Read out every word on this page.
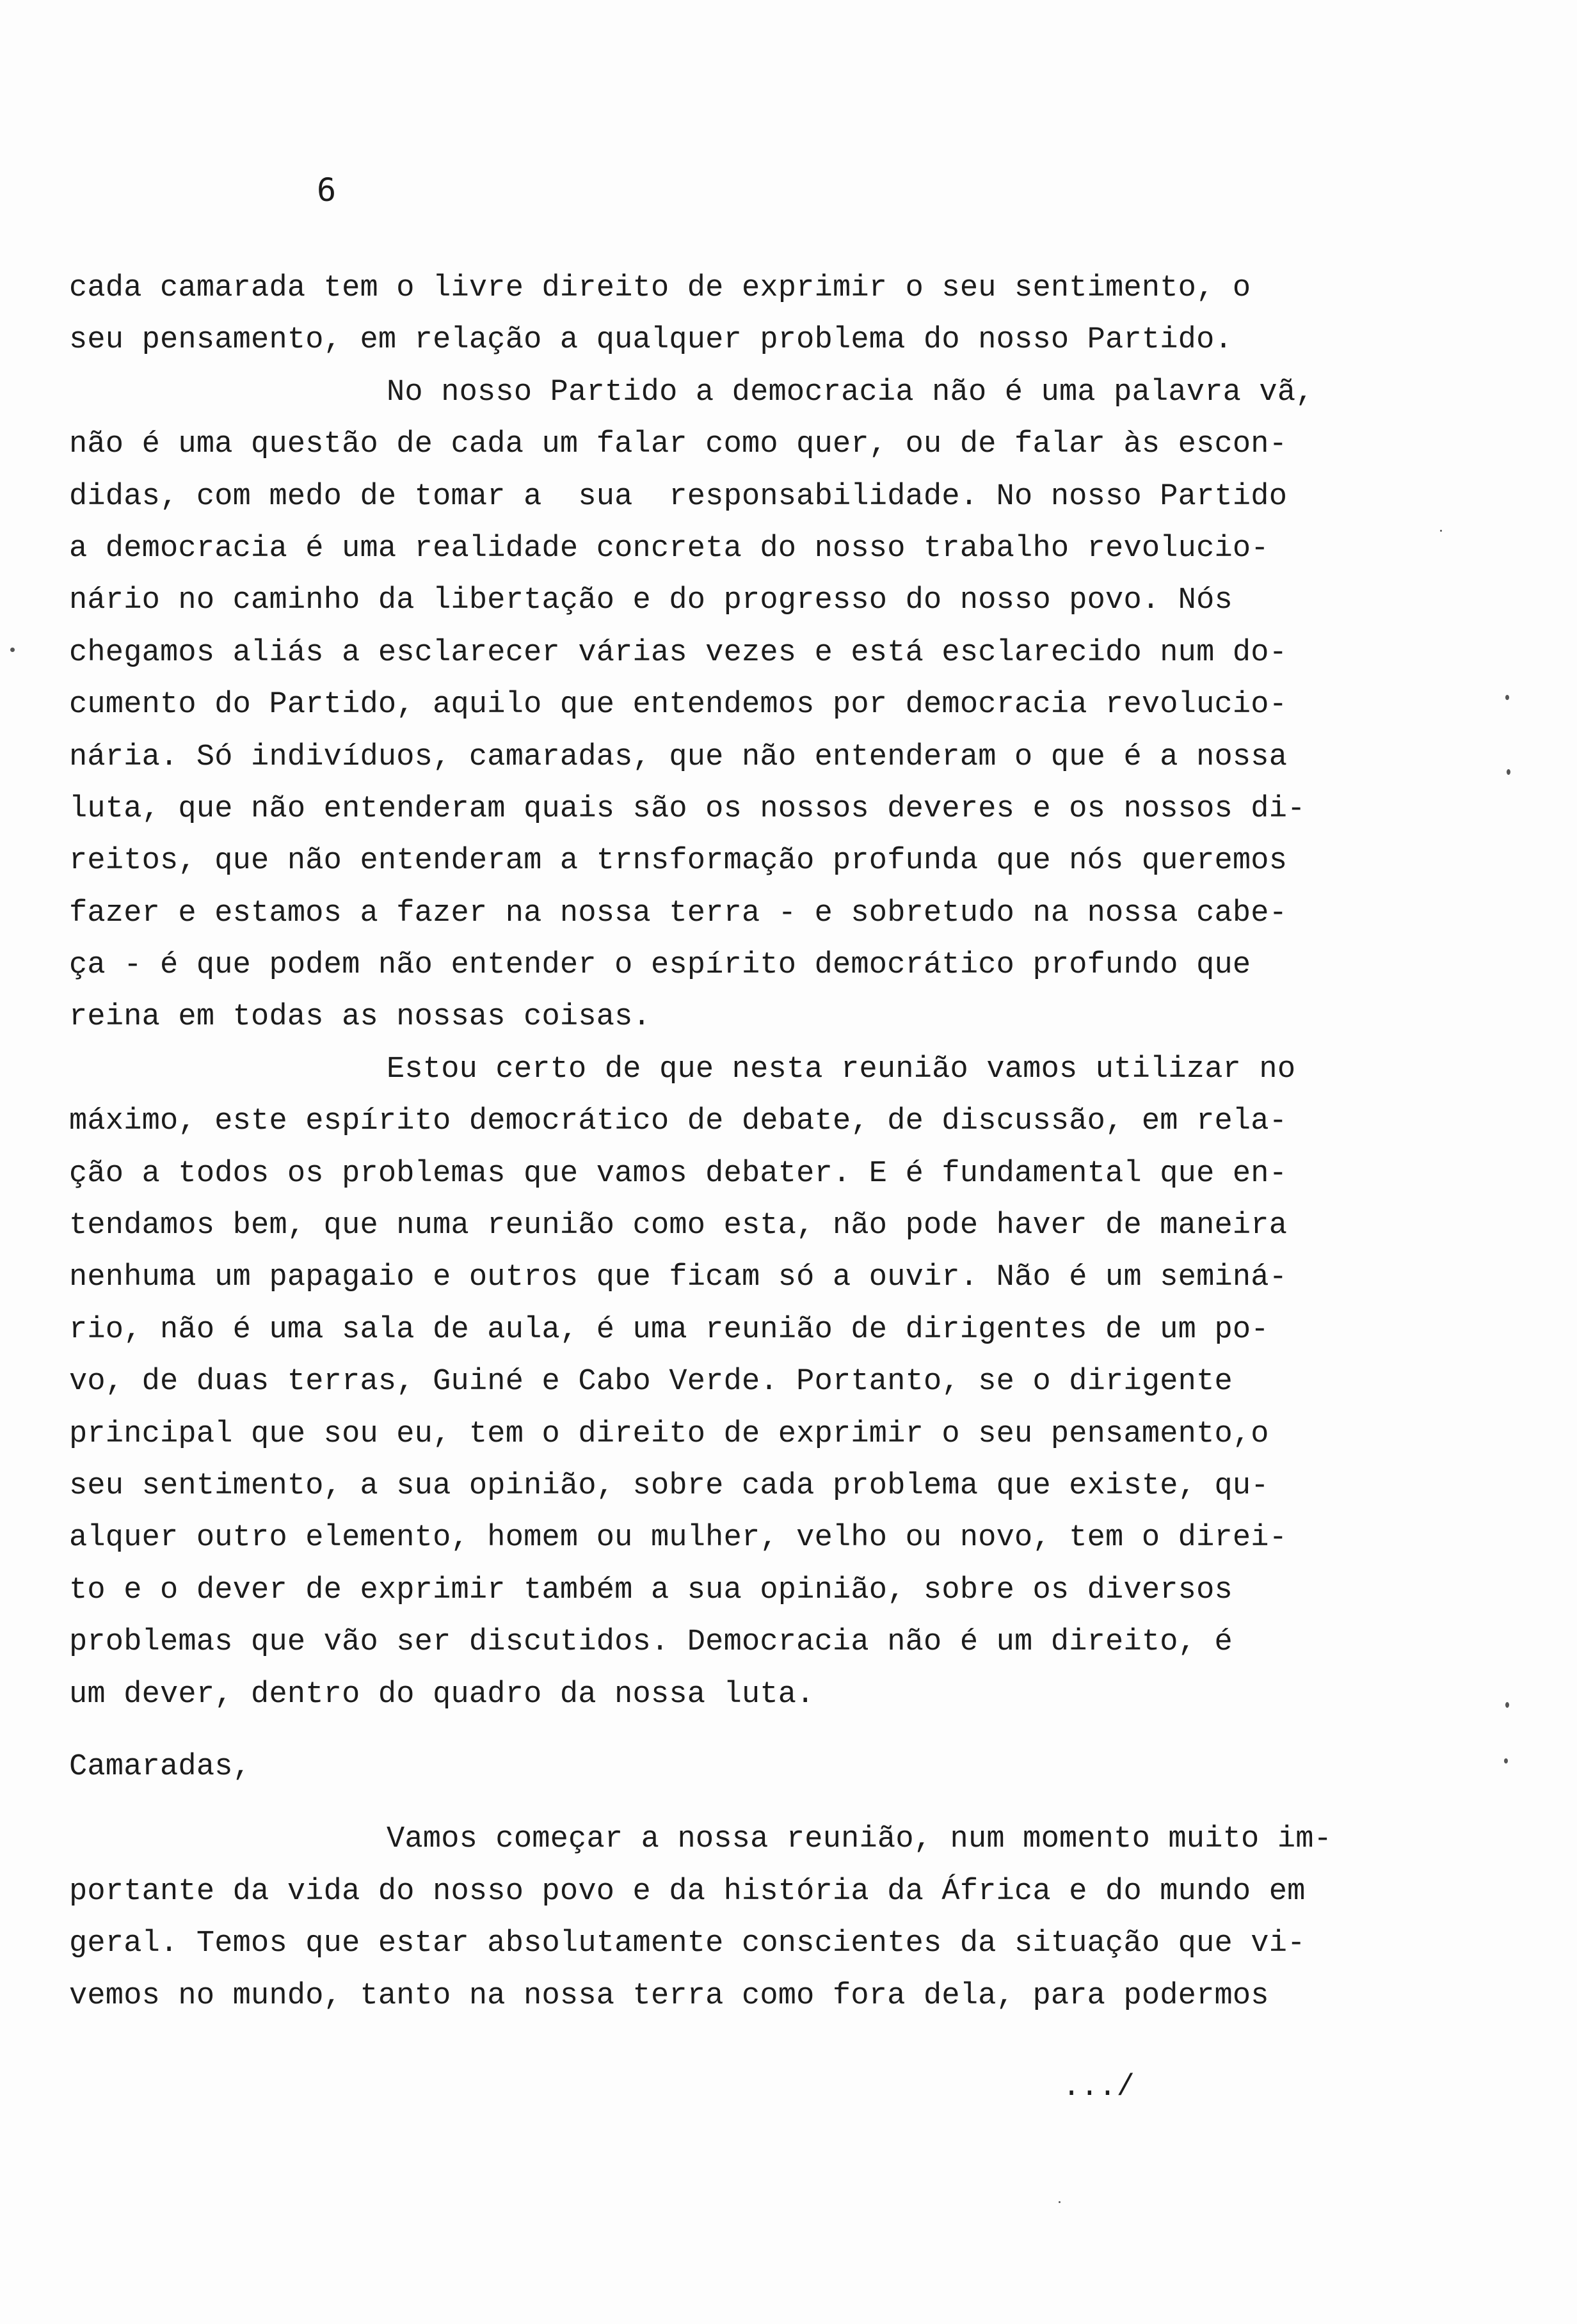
6
cada camarada tem o livre direito de exprimir o seu sentimento, o
seu pensamento, em relação a qualquer problema do nosso Partido.
No nosso Partido a democracia não é uma palavra vã,
não é uma questão de cada um falar como quer, ou de falar às escon-
didas, com medo de tomar a  sua  responsabilidade. No nosso Partido
a democracia é uma realidade concreta do nosso trabalho revolucio-
nário no caminho da libertação e do progresso do nosso povo. Nós
chegamos aliás a esclarecer várias vezes e está esclarecido num do-
cumento do Partido, aquilo que entendemos por democracia revolucio-
nária. Só indivíduos, camaradas, que não entenderam o que é a nossa
luta, que não entenderam quais são os nossos deveres e os nossos di-
reitos, que não entenderam a trnsformação profunda que nós queremos
fazer e estamos a fazer na nossa terra - e sobretudo na nossa cabe-
ça - é que podem não entender o espírito democrático profundo que
reina em todas as nossas coisas.
Estou certo de que nesta reunião vamos utilizar no
máximo, este espírito democrático de debate, de discussão, em rela-
ção a todos os problemas que vamos debater. E é fundamental que en-
tendamos bem, que numa reunião como esta, não pode haver de maneira
nenhuma um papagaio e outros que ficam só a ouvir. Não é um seminá-
rio, não é uma sala de aula, é uma reunião de dirigentes de um po-
vo, de duas terras, Guiné e Cabo Verde. Portanto, se o dirigente
principal que sou eu, tem o direito de exprimir o seu pensamento,o
seu sentimento, a sua opinião, sobre cada problema que existe, qu-
alquer outro elemento, homem ou mulher, velho ou novo, tem o direi-
to e o dever de exprimir também a sua opinião, sobre os diversos
problemas que vão ser discutidos. Democracia não é um direito, é
um dever, dentro do quadro da nossa luta.
Camaradas,
Vamos começar a nossa reunião, num momento muito im-
portante da vida do nosso povo e da história da África e do mundo em
geral. Temos que estar absolutamente conscientes da situação que vi-
vemos no mundo, tanto na nossa terra como fora dela, para podermos
.../
